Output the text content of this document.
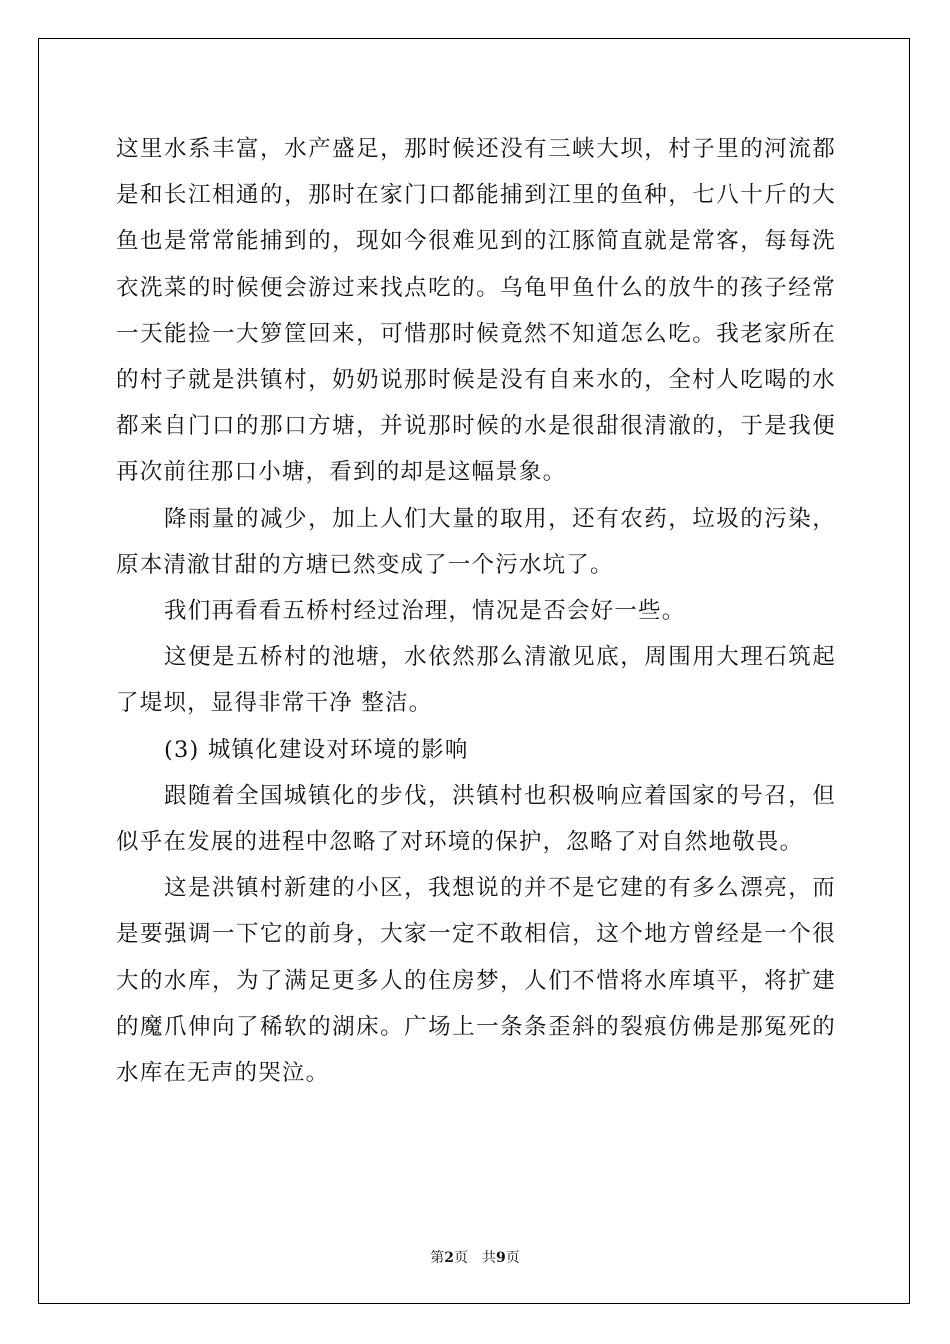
这里水系丰富，水产盛足，那时候还没有三峡大坝，村子里的河流都是和长江相通的，那时在家门口都能捕到江里的鱼种，七八十斤的大鱼也是常常能捕到的，现如今很难见到的江豚简直就是常客，每每洗衣洗菜的时候便会游过来找点吃的。乌龟甲鱼什么的放牛的孩子经常一天能捡一大箩筐回来，可惜那时候竟然不知道怎么吃。我老家所在的村子就是洪镇村，奶奶说那时候是没有自来水的，全村人吃喝的水都来自门口的那口方塘，并说那时候的水是很甜很清澈的，于是我便再次前往那口小塘，看到的却是这幅景象。

降雨量的减少，加上人们大量的取用，还有农药，垃圾的污染，原本清澈甘甜的方塘已然变成了一个污水坑了。

我们再看看五桥村经过治理，情况是否会好一些。

这便是五桥村的池塘，水依然那么清澈见底，周围用大理石筑起了堤坝，显得非常干净 整洁。

(3) 城镇化建设对环境的影响

跟随着全国城镇化的步伐，洪镇村也积极响应着国家的号召，但似乎在发展的进程中忽略了对环境的保护，忽略了对自然地敬畏。

这是洪镇村新建的小区，我想说的并不是它建的有多么漂亮，而是要强调一下它的前身，大家一定不敢相信，这个地方曾经是一个很大的水库，为了满足更多人的住房梦，人们不惜将水库填平，将扩建的魔爪伸向了稀软的湖床。广场上一条条歪斜的裂痕仿佛是那冤死的水库在无声的哭泣。

第2页 共9页
